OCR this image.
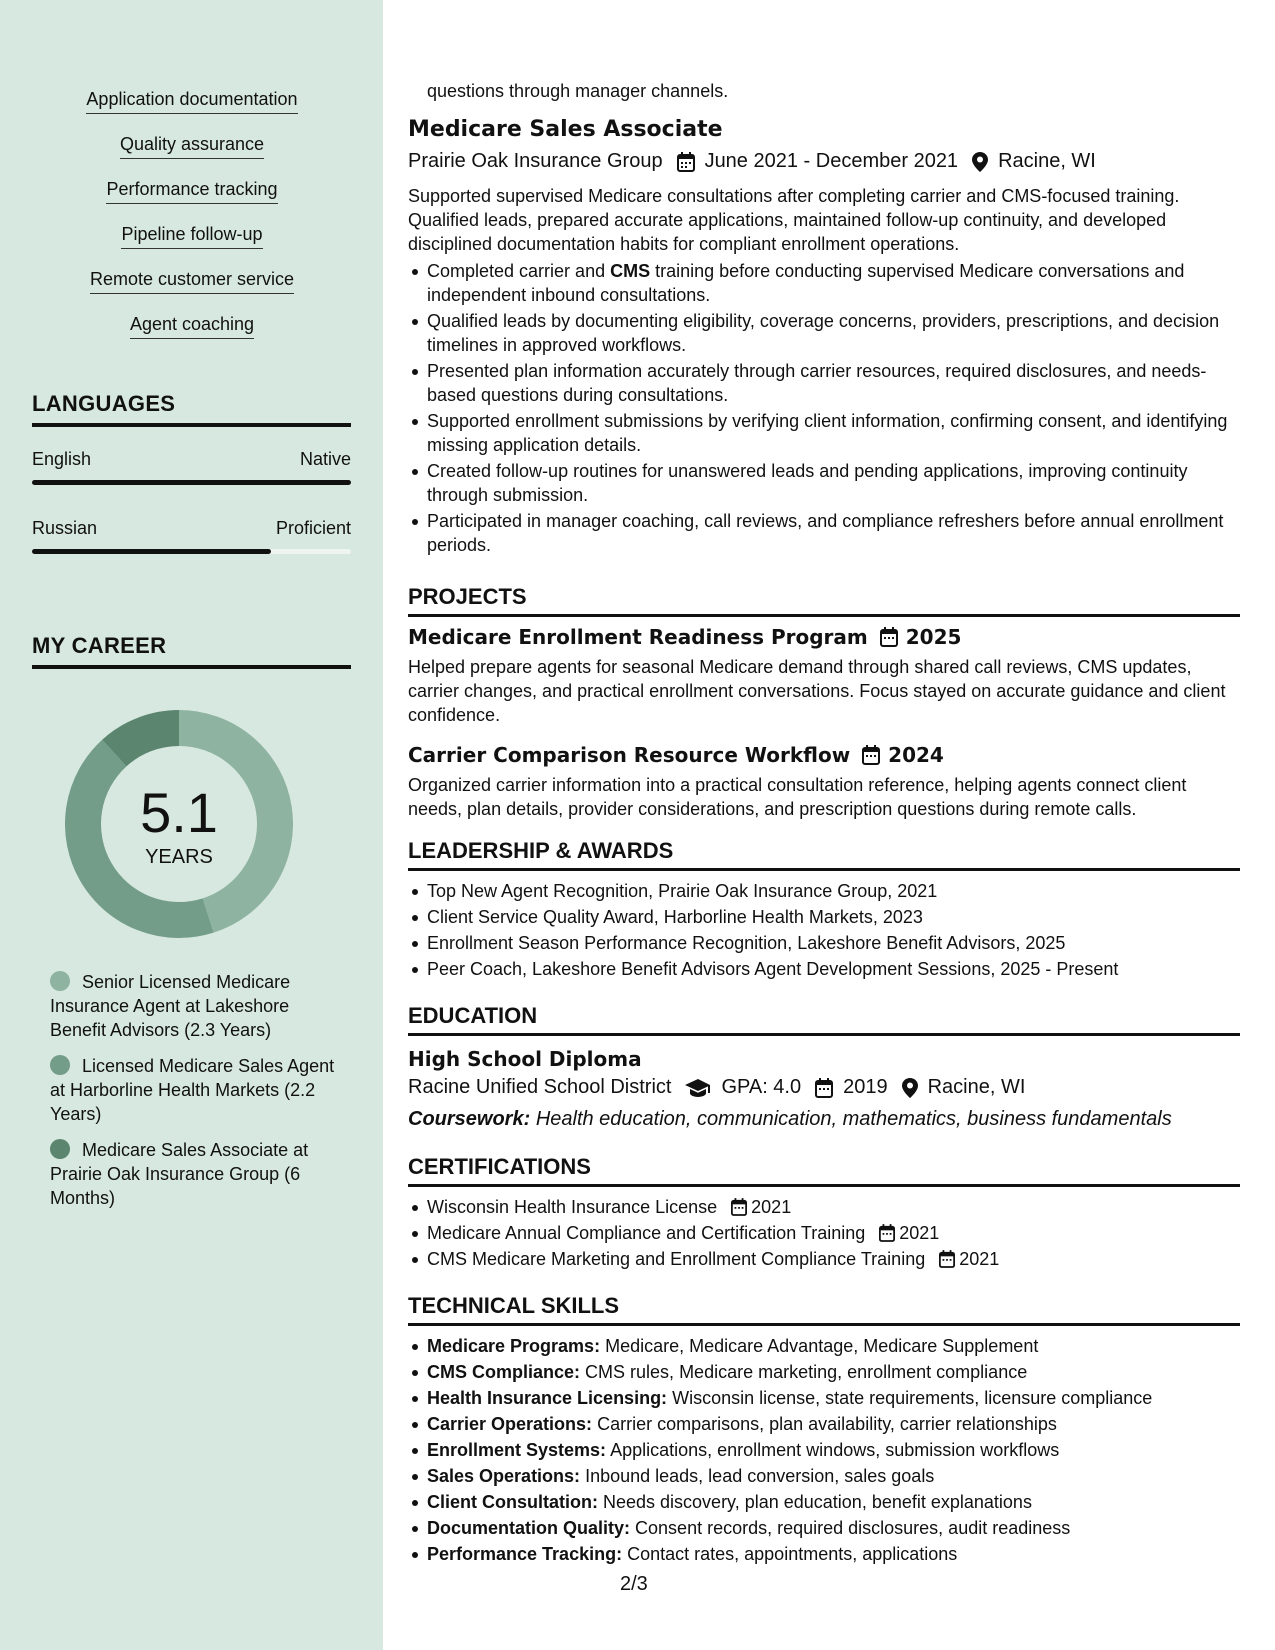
Application documentation
Quality assurance
Performance tracking
Pipeline follow-up
Remote customer service
Agent coaching
LANGUAGES
English	Native
Russian	Proficient
MY CAREER
5.1
YEARS
Senior Licensed Medicare Insurance Agent at Lakeshore Benefit Advisors (2.3 Years)
Licensed Medicare Sales Agent at Harborline Health Markets (2.2 Years)
Medicare Sales Associate at Prairie Oak Insurance Group (6 Months)
questions through manager channels.
Medicare Sales Associate
Prairie Oak Insurance Group June 2021 - December 2021 Racine, WI
Supported supervised Medicare consultations after completing carrier and CMS-focused training. Qualified leads, prepared accurate applications, maintained follow-up continuity, and developed disciplined documentation habits for compliant enrollment operations.
Completed carrier and CMS training before conducting supervised Medicare conversations and independent inbound consultations.
Qualified leads by documenting eligibility, coverage concerns, providers, prescriptions, and decision timelines in approved workflows.
Presented plan information accurately through carrier resources, required disclosures, and needs-based questions during consultations.
Supported enrollment submissions by verifying client information, confirming consent, and identifying missing application details.
Created follow-up routines for unanswered leads and pending applications, improving continuity through submission.
Participated in manager coaching, call reviews, and compliance refreshers before annual enrollment periods.
PROJECTS
Medicare Enrollment Readiness Program 2025
Helped prepare agents for seasonal Medicare demand through shared call reviews, CMS updates, carrier changes, and practical enrollment conversations. Focus stayed on accurate guidance and client confidence.
Carrier Comparison Resource Workflow 2024
Organized carrier information into a practical consultation reference, helping agents connect client needs, plan details, provider considerations, and prescription questions during remote calls.
LEADERSHIP & AWARDS
Top New Agent Recognition, Prairie Oak Insurance Group, 2021
Client Service Quality Award, Harborline Health Markets, 2023
Enrollment Season Performance Recognition, Lakeshore Benefit Advisors, 2025
Peer Coach, Lakeshore Benefit Advisors Agent Development Sessions, 2025 - Present
EDUCATION
High School Diploma
Racine Unified School District	GPA: 4.0 2019 Racine, WI
Coursework: Health education, communication, mathematics, business fundamentals
CERTIFICATIONS
Wisconsin Health Insurance License 2021
Medicare Annual Compliance and Certification Training 2021
CMS Medicare Marketing and Enrollment Compliance Training 2021
TECHNICAL SKILLS
Medicare Programs: Medicare, Medicare Advantage, Medicare Supplement
CMS Compliance: CMS rules, Medicare marketing, enrollment compliance
Health Insurance Licensing: Wisconsin license, state requirements, licensure compliance
Carrier Operations: Carrier comparisons, plan availability, carrier relationships
Enrollment Systems: Applications, enrollment windows, submission workflows
Sales Operations: Inbound leads, lead conversion, sales goals
Client Consultation: Needs discovery, plan education, benefit explanations
Documentation Quality: Consent records, required disclosures, audit readiness
Performance Tracking: Contact rates, appointments, applications
2/3
